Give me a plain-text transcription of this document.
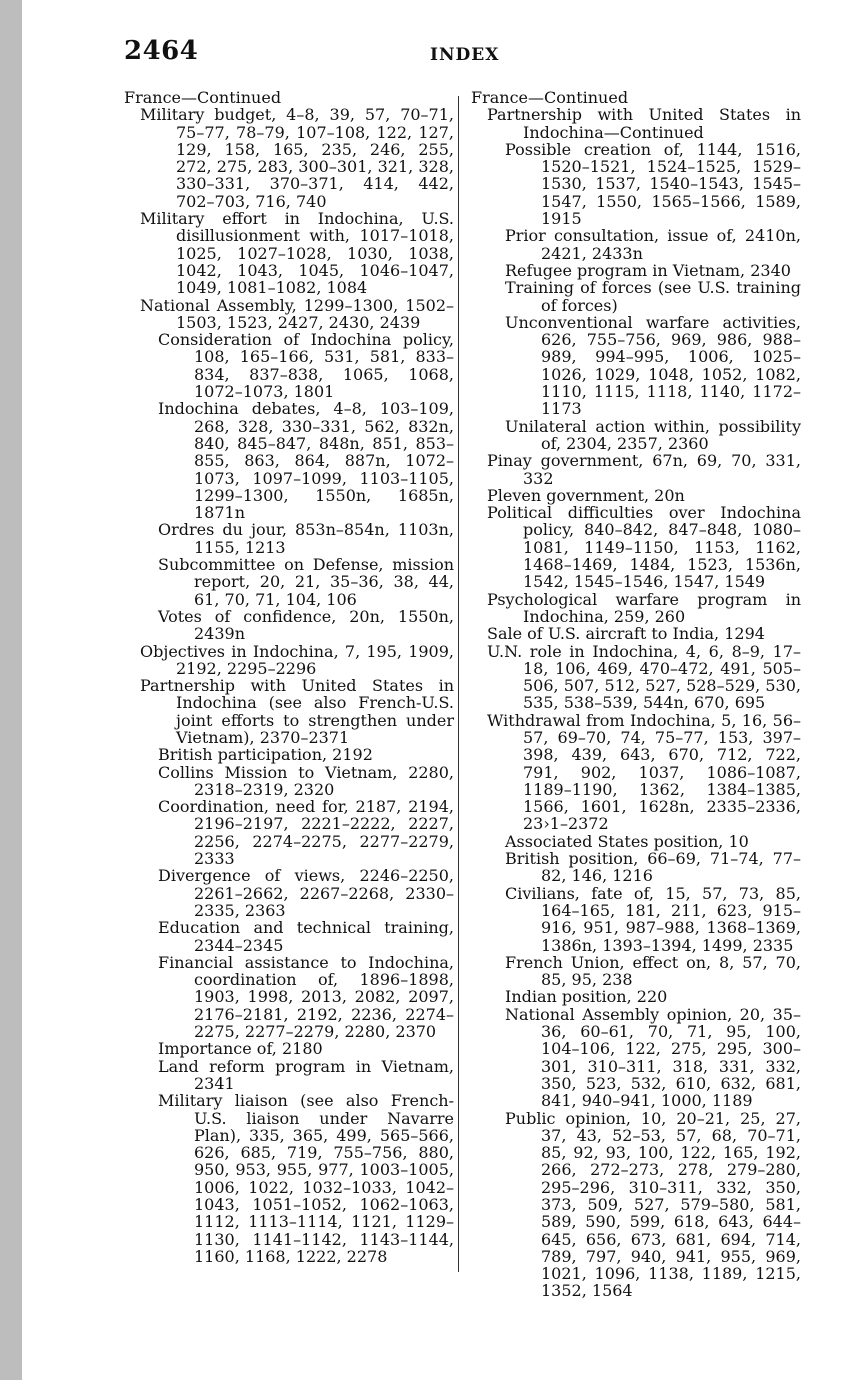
2464	INDEX

France—Continued

Military budget, 4–8, 39, 57, 70–71, 75–77, 78–79, 107–108, 122, 127, 129, 158, 165, 235, 246, 255, 272, 275, 283, 300–301, 321, 328, 330–331, 370–371, 414, 442, 702–703, 716, 740

Military effort in Indochina, U.S. disillusionment with, 1017–1018, 1025, 1027–1028, 1030, 1038, 1042, 1043, 1045, 1046–1047, 1049, 1081–1082, 1084

National Assembly, 1299–1300, 1502–1503, 1523, 2427, 2430, 2439

Consideration of Indochina policy, 108, 165–166, 531, 581, 833–834, 837–838, 1065, 1068, 1072–1073, 1801

Indochina debates, 4–8, 103–109, 268, 328, 330–331, 562, 832n, 840, 845–847, 848n, 851, 853–855, 863, 864, 887n, 1072–1073, 1097–1099, 1103–1105, 1299–1300, 1550n, 1685n, 1871n

Ordres du jour, 853n–854n, 1103n, 1155, 1213

Subcommittee on Defense, mission report, 20, 21, 35–36, 38, 44, 61, 70, 71, 104, 106

Votes of confidence, 20n, 1550n, 2439n

Objectives in Indochina, 7, 195, 1909, 2192, 2295–2296

Partnership with United States in Indochina (see also French-U.S. joint efforts to strengthen under Vietnam), 2370–2371

British participation, 2192

Collins Mission to Vietnam, 2280, 2318–2319, 2320

Coordination, need for, 2187, 2194, 2196–2197, 2221–2222, 2227, 2256, 2274–2275, 2277–2279, 2333

Divergence of views, 2246–2250, 2261–2662, 2267–2268, 2330–2335, 2363

Education and technical training, 2344–2345

Financial assistance to Indochina, coordination of, 1896–1898, 1903, 1998, 2013, 2082, 2097, 2176–2181, 2192, 2236, 2274–2275, 2277–2279, 2280, 2370

Importance of, 2180

Land reform program in Vietnam, 2341

Military liaison (see also French-U.S. liaison under Navarre Plan), 335, 365, 499, 565–566, 626, 685, 719, 755–756, 880, 950, 953, 955, 977, 1003–1005, 1006, 1022, 1032–1033, 1042–1043, 1051–1052, 1062–1063, 1112, 1113–1114, 1121, 1129–1130, 1141–1142, 1143–1144, 1160, 1168, 1222, 2278

France—Continued

Partnership with United States in Indochina—Continued

Possible creation of, 1144, 1516, 1520–1521, 1524–1525, 1529–1530, 1537, 1540–1543, 1545–1547, 1550, 1565–1566, 1589, 1915

Prior consultation, issue of, 2410n, 2421, 2433n

Refugee program in Vietnam, 2340

Training of forces (see U.S. training of forces)

Unconventional warfare activities, 626, 755–756, 969, 986, 988–989, 994–995, 1006, 1025–1026, 1029, 1048, 1052, 1082, 1110, 1115, 1118, 1140, 1172–1173

Unilateral action within, possibility of, 2304, 2357, 2360

Pinay government, 67n, 69, 70, 331, 332

Pleven government, 20n

Political difficulties over Indochina policy, 840–842, 847–848, 1080–1081, 1149–1150, 1153, 1162, 1468–1469, 1484, 1523, 1536n, 1542, 1545–1546, 1547, 1549

Psychological warfare program in Indochina, 259, 260

Sale of U.S. aircraft to India, 1294

U.N. role in Indochina, 4, 6, 8–9, 17–18, 106, 469, 470–472, 491, 505–506, 507, 512, 527, 528–529, 530, 535, 538–539, 544n, 670, 695

Withdrawal from Indochina, 5, 16, 56–57, 69–70, 74, 75–77, 153, 397–398, 439, 643, 670, 712, 722, 791, 902, 1037, 1086–1087, 1189–1190, 1362, 1384–1385, 1566, 1601, 1628n, 2335–2336, 23›1–2372

Associated States position, 10

British position, 66–69, 71–74, 77–82, 146, 1216

Civilians, fate of, 15, 57, 73, 85, 164–165, 181, 211, 623, 915–916, 951, 987–988, 1368–1369, 1386n, 1393–1394, 1499, 2335

French Union, effect on, 8, 57, 70, 85, 95, 238

Indian position, 220

National Assembly opinion, 20, 35–36, 60–61, 70, 71, 95, 100, 104–106, 122, 275, 295, 300–301, 310–311, 318, 331, 332, 350, 523, 532, 610, 632, 681, 841, 940–941, 1000, 1189

Public opinion, 10, 20–21, 25, 27, 37, 43, 52–53, 57, 68, 70–71, 85, 92, 93, 100, 122, 165, 192, 266, 272–273, 278, 279–280, 295–296, 310–311, 332, 350, 373, 509, 527, 579–580, 581, 589, 590, 599, 618, 643, 644–645, 656, 673, 681, 694, 714, 789, 797, 940, 941, 955, 969, 1021, 1096, 1138, 1189, 1215, 1352, 1564
